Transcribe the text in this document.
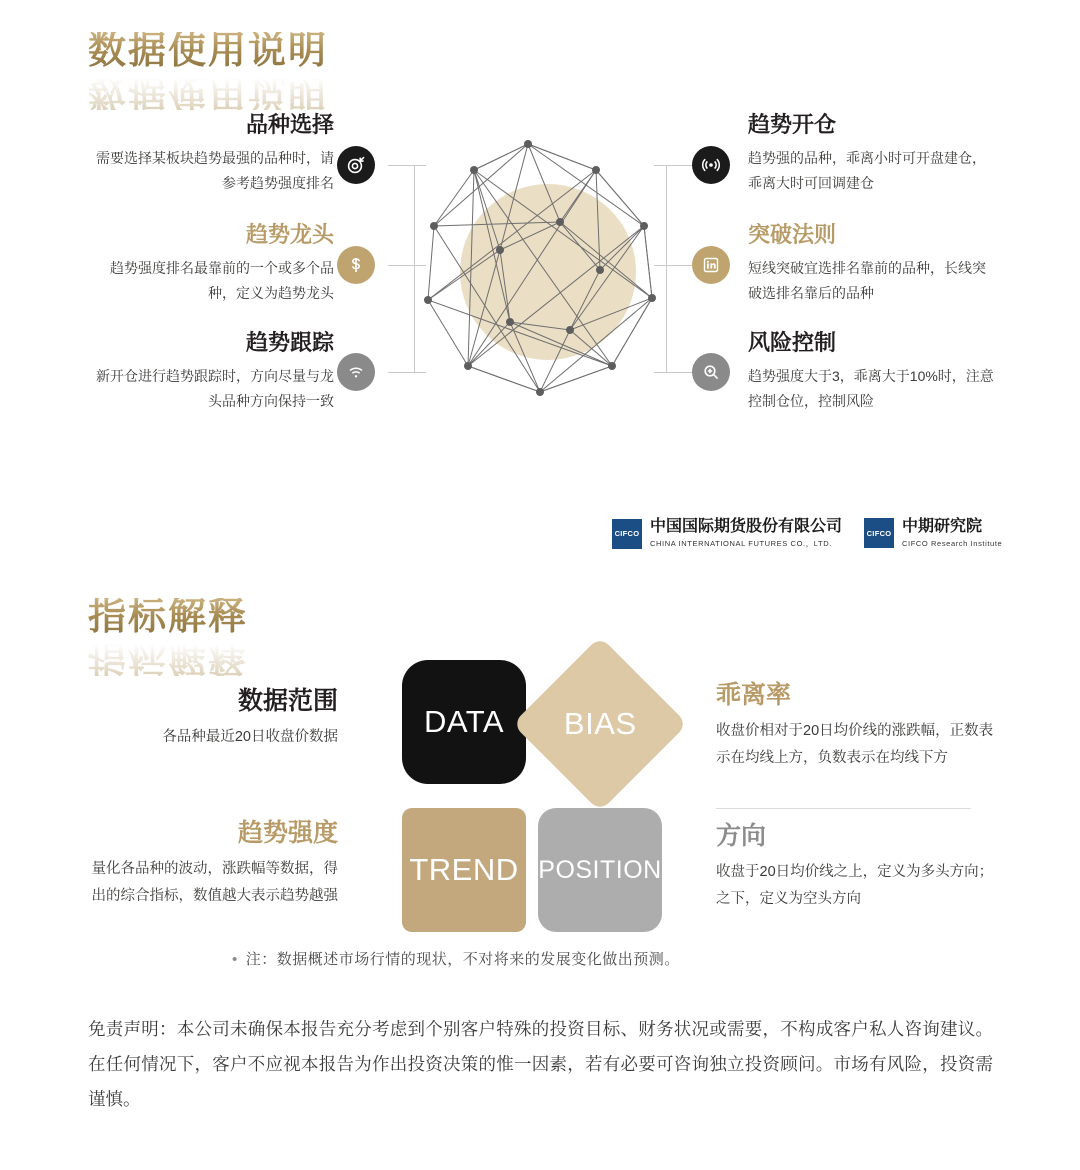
数据使用说明
数据使用说明
品种选择
需要选择某板块趋势最强的品种时，请参考趋势强度排名
趋势龙头
趋势强度排名最靠前的一个或多个品种，定义为趋势龙头
趋势跟踪
新开仓进行趋势跟踪时，方向尽量与龙头品种方向保持一致
趋势开仓
趋势强的品种，乖离小时可开盘建仓，乖离大时可回调建仓
突破法则
短线突破宜选排名靠前的品种，长线突破选排名靠后的品种
风险控制
趋势强度大于3，乖离大于10%时，注意控制仓位，控制风险
CIFCO 中国国际期货股份有限公司
CHINA INTERNATIONAL FUTURES CO.，LTD.
CIFCO 中期研究院
CIFCO Research Institute
指标解释
指标解释
DATA	BIAS
TREND POSITION
数据范围
各品种最近20日收盘价数据
趋势强度
量化各品种的波动，涨跌幅等数据，得出的综合指标，数值越大表示趋势越强
乖离率
收盘价相对于20日均价线的涨跌幅，正数表示在均线上方，负数表示在均线下方
方向
收盘于20日均价线之上，定义为多头方向；之下，定义为空头方向
• 注：数据概述市场行情的现状，不对将来的发展变化做出预测。
免责声明：本公司未确保本报告充分考虑到个别客户特殊的投资目标、财务状况或需要，不构成客户私人咨询建议。在任何情况下，客户不应视本报告为作出投资决策的惟一因素，若有必要可咨询独立投资顾问。市场有风险，投资需谨慎。
